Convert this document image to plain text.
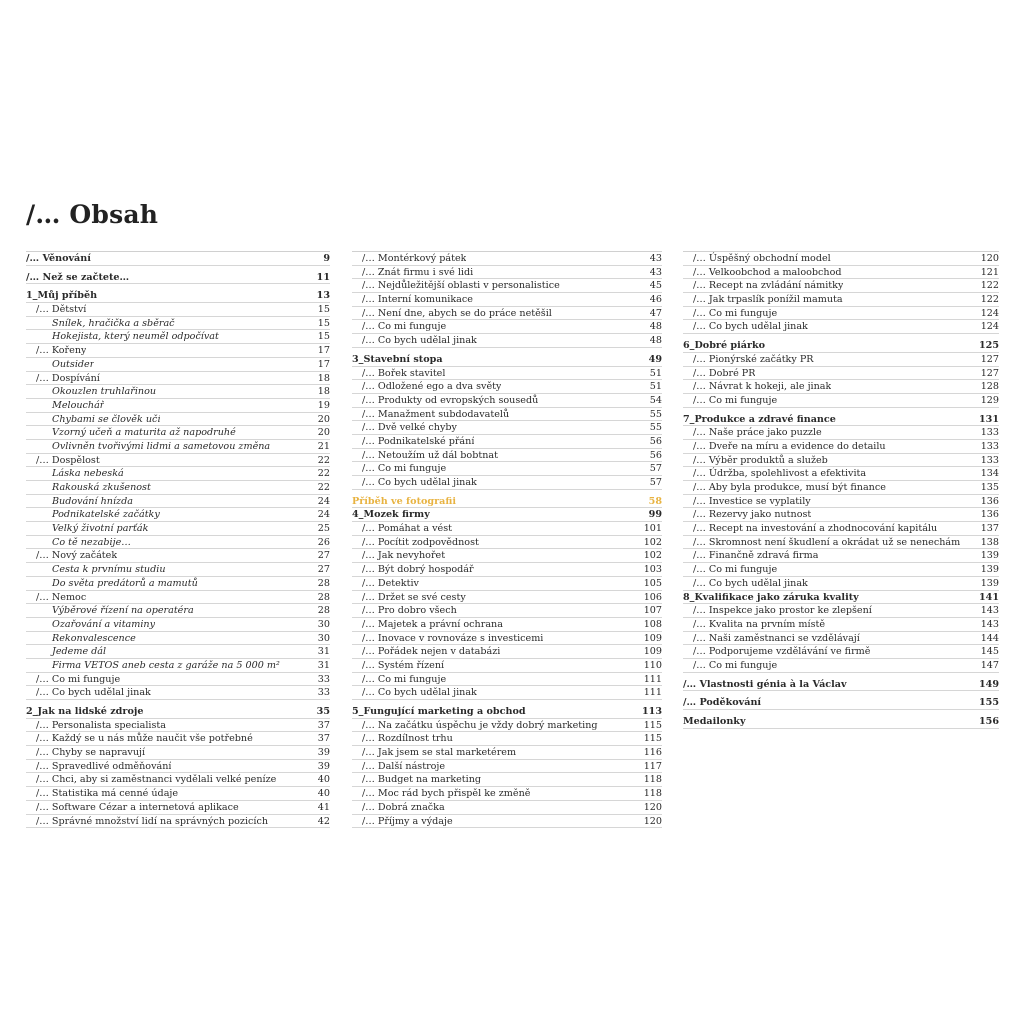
/… Obsah
/… Věnování	9
/… Než se začtete…	11
1_Můj příběh	13
/… Dětství	15
Snílek, hračička a sběrač	15
Hokejista, který neuměl odpočívat	15
/… Kořeny	17
Outsider	17
/… Dospívání	18
Okouzlen truhlařinou	18
Melouchář	19
Chybami se člověk učí	20
Vzorný učeň a maturita až napodruhé	20
Ovlivněn tvořivými lidmi a sametovou změna	21
/… Dospělost	22
Láska nebeská	22
Rakouská zkušenost	22
Budování hnízda	24
Podnikatelské začátky	24
Velký životní parťák	25
Co tě nezabije…	26
/… Nový začátek	27
Cesta k prvnímu studiu	27
Do světa predátorů a mamutů	28
/… Nemoc	28
Výběrové řízení na operatéra	28
Ozařování a vitaminy	30
Rekonvalescence	30
Jedeme dál	31
Firma VETOS aneb cesta z garáže na 5 000 m²	31
/… Co mi funguje	33
/… Co bych udělal jinak	33
2_Jak na lidské zdroje	35
/… Personalista specialista	37
/… Každý se u nás může naučit vše potřebné	37
/… Chyby se napravují	39
/… Spravedlivé odměňování	39
/… Chci, aby si zaměstnanci vydělali velké peníze	40
/… Statistika má cenné údaje	40
/… Software Cézar a internetová aplikace	41
/… Správné množství lidí na správných pozicích	42
/… Montérkový pátek	43
/… Znát firmu i své lidi	43
/… Nejdůležitější oblasti v personalistice	45
/… Interní komunikace	46
/… Není dne, abych se do práce netěšil	47
/… Co mi funguje	48
/… Co bych udělal jinak	48
3_Stavební stopa	49
/… Bořek stavitel	51
/… Odložené ego a dva světy	51
/… Produkty od evropských sousedů	54
/… Manažment subdodavatelů	55
/… Dvě velké chyby	55
/… Podnikatelské přání	56
/… Netoužím už dál bobtnat	56
/… Co mi funguje	57
/… Co bych udělal jinak	57
Příběh ve fotografii	58
4_Mozek firmy	99
/… Pomáhat a vést	101
/… Pocítit zodpovědnost	102
/… Jak nevyhořet	102
/… Být dobrý hospodář	103
/… Detektiv	105
/… Držet se své cesty	106
/… Pro dobro všech	107
/… Majetek a právní ochrana	108
/… Inovace v rovnováze s investicemi	109
/… Pořádek nejen v databázi	109
/… Systém řízení	110
/… Co mi funguje	111
/… Co bych udělal jinak	111
5_Fungující marketing a obchod	113
/… Na začátku úspěchu je vždy dobrý marketing	115
/… Rozdílnost trhu	115
/… Jak jsem se stal marketérem	116
/… Další nástroje	117
/… Budget na marketing	118
/… Moc rád bych přispěl ke změně	118
/… Dobrá značka	120
/… Příjmy a výdaje	120
/… Úspěšný obchodní model	120
/… Velkoobchod a maloobchod	121
/… Recept na zvládání námitky	122
/… Jak trpaslík ponížil mamuta	122
/… Co mi funguje	124
/… Co bych udělal jinak	124
6_Dobré piárko	125
/… Pionýrské začátky PR	127
/… Dobré PR	127
/… Návrat k hokeji, ale jinak	128
/… Co mi funguje	129
7_Produkce a zdravé finance	131
/… Naše práce jako puzzle	133
/… Dveře na míru a evidence do detailu	133
/… Výběr produktů a služeb	133
/… Údržba, spolehlivost a efektivita	134
/… Aby byla produkce, musí být finance	135
/… Investice se vyplatily	136
/… Rezervy jako nutnost	136
/… Recept na investování a zhodnocování kapitálu	137
/… Skromnost není škudlení a okrádat už se nenechám	138
/… Finančně zdravá firma	139
/… Co mi funguje	139
/… Co bych udělal jinak	139
8_Kvalifikace jako záruka kvality	141
/… Inspekce jako prostor ke zlepšení	143
/… Kvalita na prvním místě	143
/… Naši zaměstnanci se vzdělávají	144
/… Podporujeme vzdělávání ve firmě	145
/… Co mi funguje	147
/… Vlastnosti génia à la Václav	149
/… Poděkování	155
Medailonky	156
